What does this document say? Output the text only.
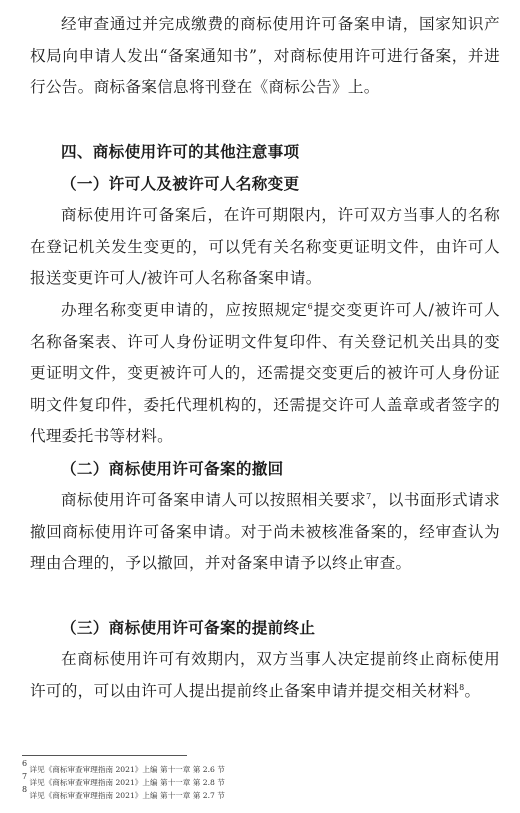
经审查通过并完成缴费的商标使用许可备案申请，国家知识产权局向申请人发出“备案通知书”，对商标使用许可进行备案，并进行公告。商标备案信息将刊登在《商标公告》上。

四、商标使用许可的其他注意事项
（一）许可人及被许可人名称变更

商标使用许可备案后，在许可期限内，许可双方当事人的名称在登记机关发生变更的，可以凭有关名称变更证明文件，由许可人报送变更许可人/被许可人名称备案申请。

办理名称变更申请的，应按照规定$^6$提交变更许可人/被许可人名称备案表、许可人身份证明文件复印件、有关登记机关出具的变更证明文件，变更被许可人的，还需提交变更后的被许可人身份证明文件复印件，委托代理机构的，还需提交许可人盖章或者签字的代理委托书等材料。

（二）商标使用许可备案的撤回

商标使用许可备案申请人可以按照相关要求$^7$，以书面形式请求撤回商标使用许可备案申请。对于尚未被核准备案的，经审查认为理由合理的，予以撤回，并对备案申请予以终止审查。

（三）商标使用许可备案的提前终止

在商标使用许可有效期内，双方当事人决定提前终止商标使用许可的，可以由许可人提出提前终止备案申请并提交相关材料$^8$。

$^6$ 详见《商标审查审理指南 2021》上编 第十一章 第 2.6 节
$^7$ 详见《商标审查审理指南 2021》上编 第十一章 第 2.8 节
$^8$ 详见《商标审查审理指南 2021》上编 第十一章 第 2.7 节
